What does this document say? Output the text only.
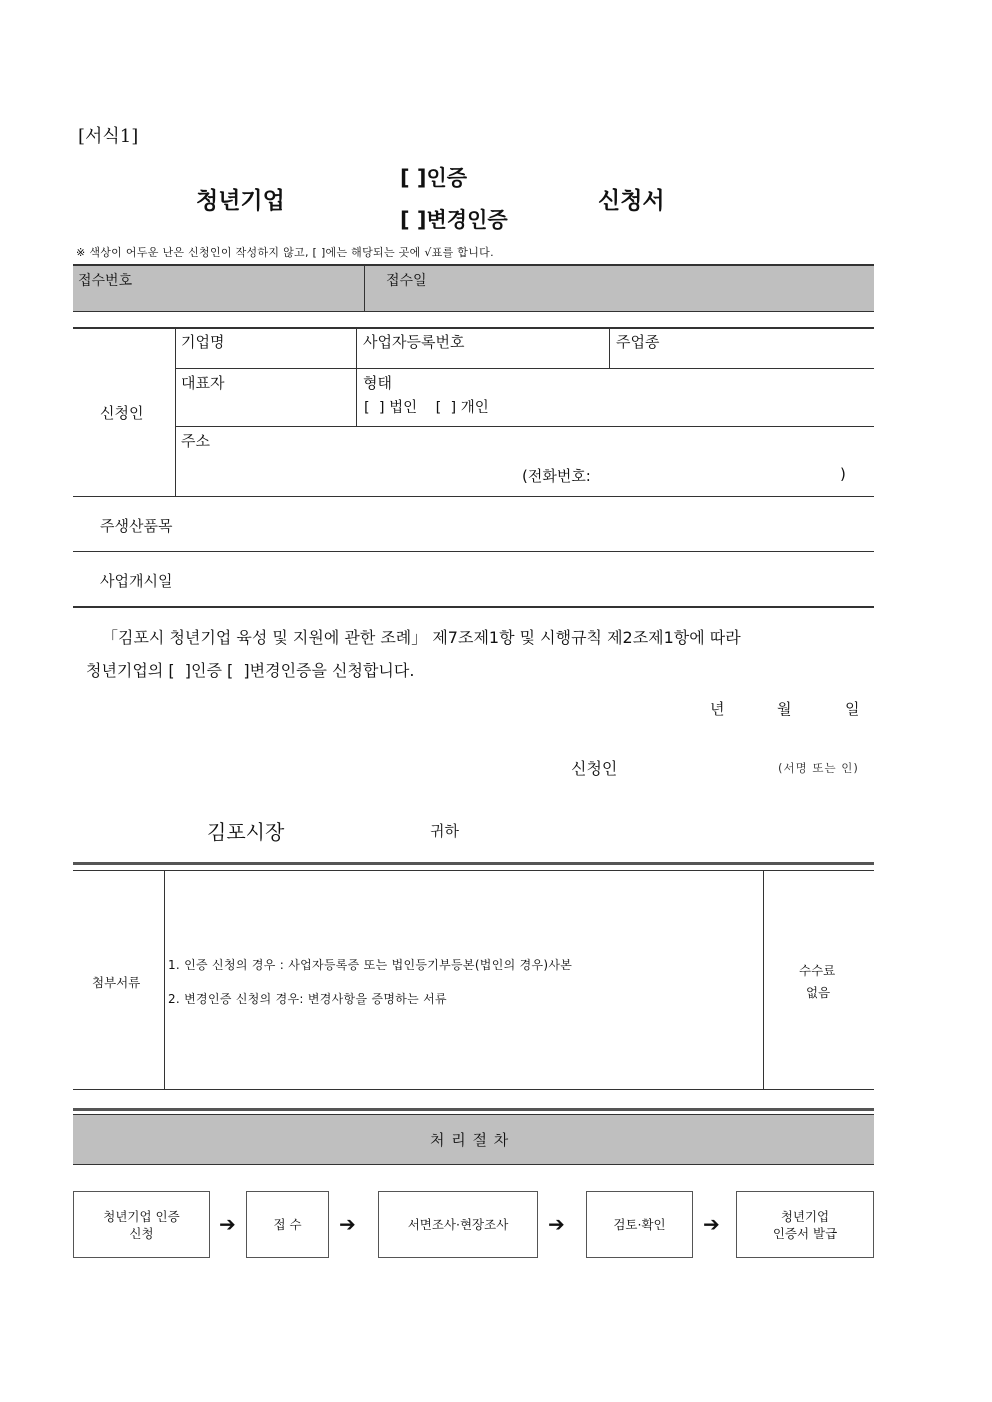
[서식1]
청년기업
[ ]인증
[ ]변경인증
신청서
※ 색상이 어두운 난은 신청인이 작성하지 않고, [ ]에는 해당되는 곳에 √표를 합니다.
접수번호	접수일
신청인
기업명	사업자등록번호	주업종
대표자	형태
[  ] 법인    [  ] 개인
주소
(전화번호:	)
주생산품목
사업개시일
「김포시 청년기업 육성 및 지원에 관한 조례」 제7조제1항 및 시행규칙 제2조제1항에 따라
청년기업의 [  ]인증 [  ]변경인증을 신청합니다.
년	월	일
신청인	(서명 또는 인)
김포시장	귀하
첨부서류
1. 인증 신청의 경우 : 사업자등록증 또는 법인등기부등본(법인의 경우)사본
2. 변경인증 신청의 경우: 변경사항을 증명하는 서류
수수료
없음
처 리 절 차
청년기업 인증
신청	➔	접 수	➔	서면조사·현장조사	➔	검토·확인	➔	청년기업
인증서 발급
